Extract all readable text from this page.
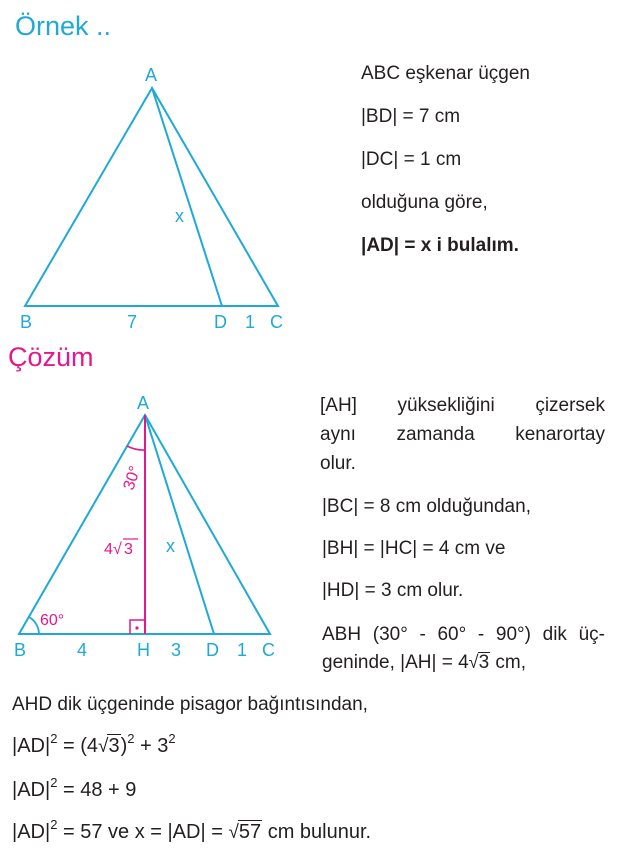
Örnek ..
Çözüm
A
B	7	D 1 C
x
A
B	4	H 3 D 1 C
x
60°
30°
4 √ 3
ABC eşkenar üçgen
|BD| = 7 cm
|DC| = 1 cm
olduğuna göre,
|AD| = x i bulalım.
[AH] yüksekliğini çizersek
aynı zamanda kenarortay
olur.
|BC| = 8 cm olduğundan,
|BH| = |HC| = 4 cm ve
|HD| = 3 cm olur.
ABH (30° - 60° - 90°) dik üç-
geninde, |AH| = 4√3 cm,
AHD dik üçgeninde pisagor bağıntısından,
$|AD|^2 = (4√3)^2 + 3^2$
$|AD|^2 = 48 + 9$
$|AD|^2 = 57$ ve x = |AD| = √57 cm bulunur.
